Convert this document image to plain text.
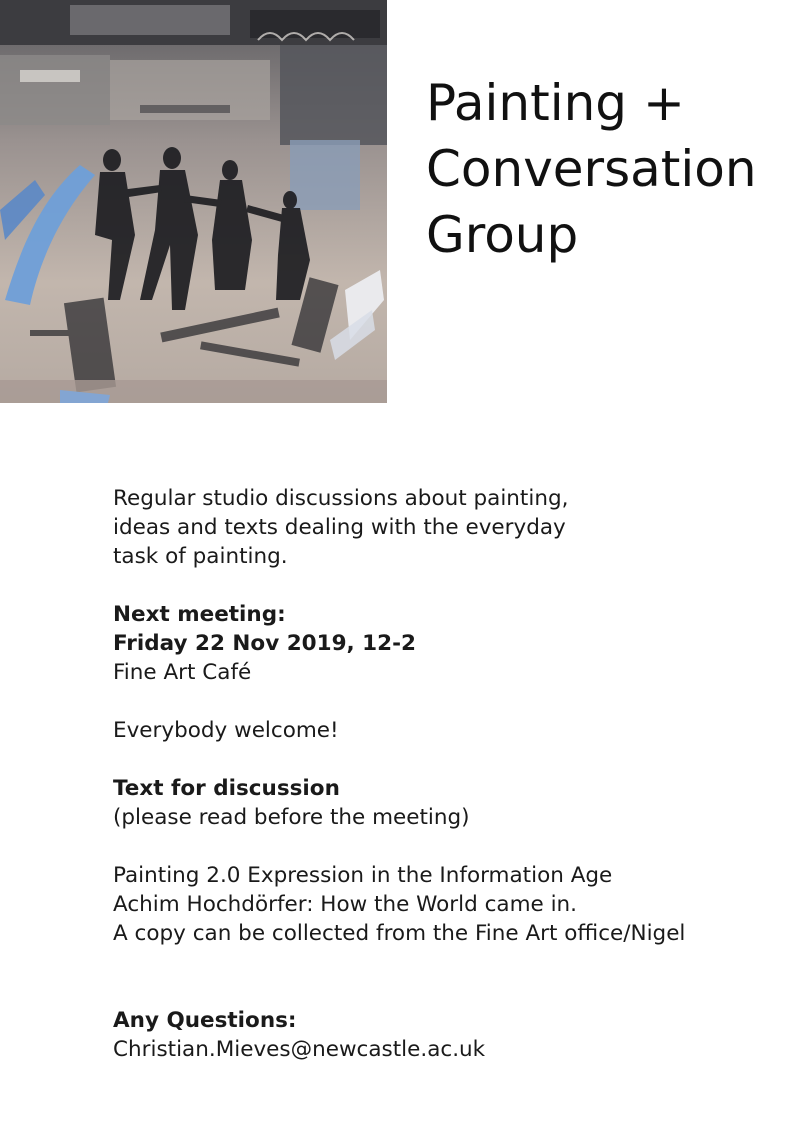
Painting +
Conversation
Group
Regular studio discussions about painting,
ideas and texts dealing with the everyday
task of painting.
Next meeting:
Friday 22 Nov 2019, 12-2
Fine Art Café
Everybody welcome!
Text for discussion
(please read before the meeting)
Painting 2.0 Expression in the Information Age
Achim Hochdörfer: How the World came in.
A copy can be collected from the Fine Art office/Nigel
Any Questions:
Christian.Mieves@newcastle.ac.uk
